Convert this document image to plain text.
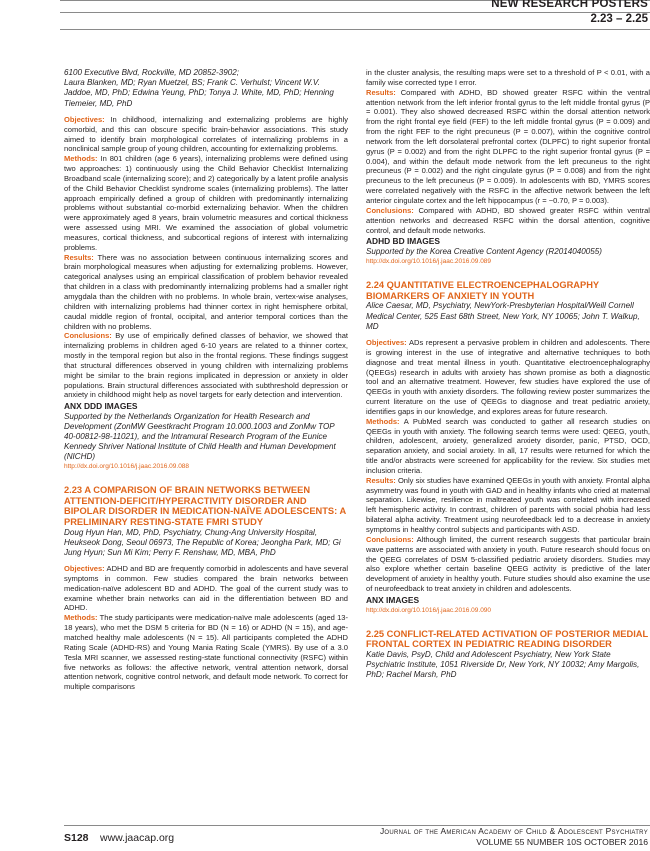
NEW RESEARCH POSTERS
2.23 – 2.25
6100 Executive Blvd, Rockville, MD 20852-3902;
Laura Blanken, MD; Ryan Muetzel, BS; Frank C. Verhulst; Vincent W.V. Jaddoe, MD, PhD; Edwina Yeung, PhD; Tonya J. White, MD, PhD; Henning Tiemeier, MD, PhD

Objectives: In childhood, internalizing and externalizing problems are highly comorbid, and this can obscure specific brain-behavior associations. This study aimed to identify brain morphological correlates of internalizing problems in a nonclinical sample group of young children, accounting for externalizing problems.

Methods: In 801 children (age 6 years), internalizing problems were defined using two approaches: 1) continuously using the Child Behavior Checklist Internalizing Broadband scale (internalizing score); and 2) categorically by a latent profile analysis of the Child Behavior Checklist syndrome scales (internalizing problems). The latter approach empirically defined a group of children with predominantly internalizing problems without substantial co-morbid externalizing behavior. When the children were approximately aged 8 years, brain volumetric measures and cortical thickness were assessed using MRI. We examined the association of global volumetric measures, cortical thickness, and subcortical regions of interest with internalizing problems.

Results: There was no association between continuous internalizing scores and brain morphological measures when adjusting for externalizing problems. However, categorical analyses using an empirical classification of problem behavior revealed that children in a class with predominantly internalizing problems had a smaller right amygdala than the children with no problems. In whole brain, vertex-wise analyses, children with internalizing problems had thinner cortex in right hemisphere orbital, caudal middle region of frontal, occipital, and anterior temporal cortices than the children with no problems.

Conclusions: By use of empirically defined classes of behavior, we showed that internalizing problems in children aged 6-10 years are related to a thinner cortex, mostly in the temporal region but also in the frontal regions. These findings suggest that structural differences observed in young children with internalizing problems might be similar to the brain regions implicated in depression or anxiety in older populations. Brain structural differences associated with subthreshold depression or anxiety in childhood might help as novel targets for early detection and intervention.

ANX DDD IMAGES
Supported by the Netherlands Organization for Health Research and Development (ZonMW Geestkracht Program 10.000.1003 and ZonMw TOP 40-00812-98-11021), and the Intramural Research Program of the Eunice Kennedy Shriver National Institute of Child Health and Human Development (NICHD)
http://dx.doi.org/10.1016/j.jaac.2016.09.088
2.23 A COMPARISON OF BRAIN NETWORKS BETWEEN ATTENTION-DEFICIT/HYPERACTIVITY DISORDER AND BIPOLAR DISORDER IN MEDICATION-NAÏVE ADOLESCENTS: A PRELIMINARY RESTING-STATE FMRI STUDY
Doug Hyun Han, MD, PhD, Psychiatry, Chung-Ang University Hospital, Heukseok Dong, Seoul 06973, The Republic of Korea; Jeongha Park, MD; Gi Jung Hyun; Sun Mi Kim; Perry F. Renshaw, MD, MBA, PhD

Objectives: ADHD and BD are frequently comorbid in adolescents and have several symptoms in common. Few studies compared the brain networks between medication-naïve adolescent BD and ADHD. The goal of the current study was to examine whether brain networks can aid in the differentiation between BD and ADHD.

Methods: The study participants were medication-naïve male adolescents (aged 13-18 years), who met the DSM 5 criteria for BD (N = 16) or ADHD (N = 15), and age-matched healthy male adolescents (N = 15). All participants completed the ADHD Rating Scale (ADHD-RS) and Young Mania Rating Scale (YMRS). By use of a 3.0 Tesla MRI scanner, we assessed resting-state functional connectivity (RSFC) within five networks as follows: the affective network, ventral attention network, dorsal attention network, cognitive control network, and default mode network. To correct for multiple comparisons

in the cluster analysis, the resulting maps were set to a threshold of P < 0.01, with a family wise corrected type I error.

Results: Compared with ADHD, BD showed greater RSFC within the ventral attention network from the left inferior frontal gyrus to the left middle frontal gyrus (P = 0.001). They also showed decreased RSFC within the dorsal attention network from the right frontal eye field (FEF) to the left middle frontal gyrus (P = 0.009) and from the right FEF to the right precuneus (P = 0.007), within the cognitive control network from the left dorsolateral prefrontal cortex (DLPFC) to right superior frontal gyrus (P = 0.002) and from the right DLPFC to the right superior frontal gyrus (P = 0.004), and within the default mode network from the left precuneus to the right precuneus (P = 0.002) and the right cingulate gyrus (P = 0.008) and from the right precuneus to the left precuneus (P = 0.009). In adolescents with BD, YMRS scores were correlated negatively with the RSFC in the affective network between the left anterior cingulate cortex and the left hippocampus (r = −0.70, P = 0.003).

Conclusions: Compared with ADHD, BD showed greater RSFC within ventral attention networks and decreased RSFC within the dorsal attention, cognitive control, and default mode networks.

ADHD BD IMAGES
Supported by the Korea Creative Content Agency (R2014040055)
http://dx.doi.org/10.1016/j.jaac.2016.09.089
2.24 QUANTITATIVE ELECTROENCEPHALOGRAPHY BIOMARKERS OF ANXIETY IN YOUTH
Alice Caesar, MD, Psychiatry, NewYork-Presbyterian Hospital/Weill Cornell Medical Center, 525 East 68th Street, New York, NY 10065; John T. Walkup, MD

Objectives: ADs represent a pervasive problem in children and adolescents. There is growing interest in the use of integrative and alternative techniques to both diagnose and treat mental illness in youth. Quantitative electroencephalography (QEEGs) research in adults with anxiety has shown promise as both a diagnostic tool and an alternative treatment. However, few studies have explored the use of QEEGs in youth with anxiety disorders. The following review poster summarizes the current literature on the use of QEEGs to diagnose and treat pediatric anxiety, identifies gaps in our knowledge, and explores areas for future research.

Methods: A PubMed search was conducted to gather all research studies on QEEGs in youth with anxiety. The following search terms were used: QEEG, youth, children, adolescent, anxiety, generalized anxiety disorder, panic, PTSD, OCD, separation anxiety, and social anxiety. In all, 17 results were returned for which the title and/or abstracts were screened for applicability for the review. Six studies met inclusion criteria.

Results: Only six studies have examined QEEGs in youth with anxiety. Frontal alpha asymmetry was found in youth with GAD and in healthy infants who cried at maternal separation. Likewise, resilience in maltreated youth was correlated with increased left hemispheric activity. In contrast, children of parents with social phobia had less bilateral alpha activity. Treatment using neurofeedback led to a decrease in anxiety symptoms in healthy control subjects and participants with ASD.

Conclusions: Although limited, the current research suggests that particular brain wave patterns are associated with anxiety in youth. Future research should focus on the QEEG correlates of DSM 5-classified pediatric anxiety disorders. Studies may also explore whether certain baseline QEEG activity is predictive of the later development of anxiety in healthy youth. Future studies should also examine the use of neurofeedback to treat anxiety in children and adolescents.

ANX IMAGES
http://dx.doi.org/10.1016/j.jaac.2016.09.090
2.25 CONFLICT-RELATED ACTIVATION OF POSTERIOR MEDIAL FRONTAL CORTEX IN PEDIATRIC READING DISORDER
Katie Davis, PsyD, Child and Adolescent Psychiatry, New York State Psychiatric Institute, 1051 Riverside Dr, New York, NY 10032; Amy Margolis, PhD; Rachel Marsh, PhD
S128 www.jaacap.org
Journal of the American Academy of Child & Adolescent Psychiatry
VOLUME 55 NUMBER 10S OCTOBER 2016
